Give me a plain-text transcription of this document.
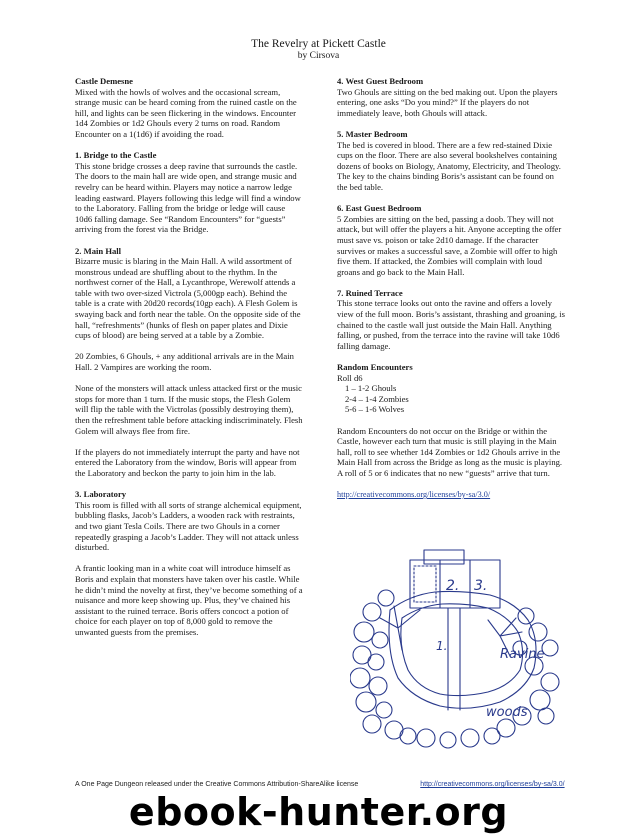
The Revelry at Pickett Castle
by Cirsova
Castle Demesne

Mixed with the howls of wolves and the occasional scream, strange music can be heard coming from the ruined castle on the hill, and lights can be seen flickering in the windows. Encounter 1d4 Zombies or 1d2 Ghouls every 2 turns on road. Random Encounter on a 1(1d6) if avoiding the road.

1. Bridge to the Castle

This stone bridge crosses a deep ravine that surrounds the castle. The doors to the main hall are wide open, and strange music and revelry can be heard within. Players may notice a narrow ledge leading eastward. Players following this ledge will find a window to the Laboratory. Falling from the bridge or ledge will cause 10d6 falling damage. See “Random Encounters” for “guests” arriving from the forest via the Bridge.

2. Main Hall

Bizarre music is blaring in the Main Hall. A wild assortment of monstrous undead are shuffling about to the rhythm. In the northwest corner of the Hall, a Lycanthrope, Werewolf attends a table with two over-sized Victrola (5,000gp each). Behind the table is a crate with 20d20 records(10gp each). A Flesh Golem is swaying back and forth near the table. On the opposite side of the hall, “refreshments” (hunks of flesh on paper plates and Dixie cups of blood) are being served at a table by a Zombie.

20 Zombies, 6 Ghouls, + any additional arrivals are in the Main Hall. 2 Vampires are working the room.

None of the monsters will attack unless attacked first or the music stops for more than 1 turn. If the music stops, the Flesh Golem will flip the table with the Victrolas (possibly destroying them), then the refreshment table before attacking indiscriminately. Flesh Golem will always flee from fire.

If the players do not immediately interrupt the party and have not entered the Laboratory from the window, Boris will appear from the Laboratory and beckon the party to join him in the lab.

3. Laboratory

This room is filled with all sorts of strange alchemical equipment, bubbling flasks, Jacob’s Ladders, a wooden rack with restraints, and two giant Tesla Coils. There are two Ghouls in a corner repeatedly grasping a Jacob’s Ladder. They will not attack unless disturbed.

A frantic looking man in a white coat will introduce himself as Boris and explain that monsters have taken over his castle. While he didn’t mind the novelty at first, they’ve become something of a nuisance and more keep showing up. Plus, they’ve chained his assistant to the ruined terrace. Boris offers concoct a potion of choice for each player on top of 8,000 gold to remove the unwanted guests from the premises.

4. West Guest Bedroom

Two Ghouls are sitting on the bed making out. Upon the players entering, one asks “Do you mind?” If the players do not immediately leave, both Ghouls will attack.

5. Master Bedroom

The bed is covered in blood. There are a few red-stained Dixie cups on the floor. There are also several bookshelves containing dozens of books on Biology, Anatomy, Electricity, and Theology. The key to the chains binding Boris’s assistant can be found on the bed table.

6. East Guest Bedroom

5 Zombies are sitting on the bed, passing a doob. They will not attack, but will offer the players a hit. Anyone accepting the offer must save vs. poison or take 2d10 damage. If the character survives or makes a successful save, a Zombie will offer to high five them. If attacked, the Zombies will complain with loud groans and go back to the Main Hall.

7. Ruined Terrace

This stone terrace looks out onto the ravine and offers a lovely view of the full moon. Boris’s assistant, thrashing and groaning, is chained to the castle wall just outside the Main Hall. Anything falling, or pushed, from the terrace into the ravine will take 10d6 falling damage.

Random Encounters
Roll d6
1 – 1-2 Ghouls
2-4 – 1-4 Zombies
5-6 – 1-6 Wolves

Random Encounters do not occur on the Bridge or within the Castle, however each turn that music is still playing in the Main hall, roll to see whether 1d4 Zombies or 1d2 Ghouls arrive in the Main Hall from across the Bridge as long as the music is playing. A roll of 5 or 6 indicates that no new “guests” arrive that turn.

http://creativecommons.org/licenses/by-sa/3.0/

2. 3.
1.
Ravine
woods
A One Page Dungeon released under the Creative Commons Attribution-ShareAlike license	http://creativecommons.org/licenses/by-sa/3.0/
ebook-hunter.org
